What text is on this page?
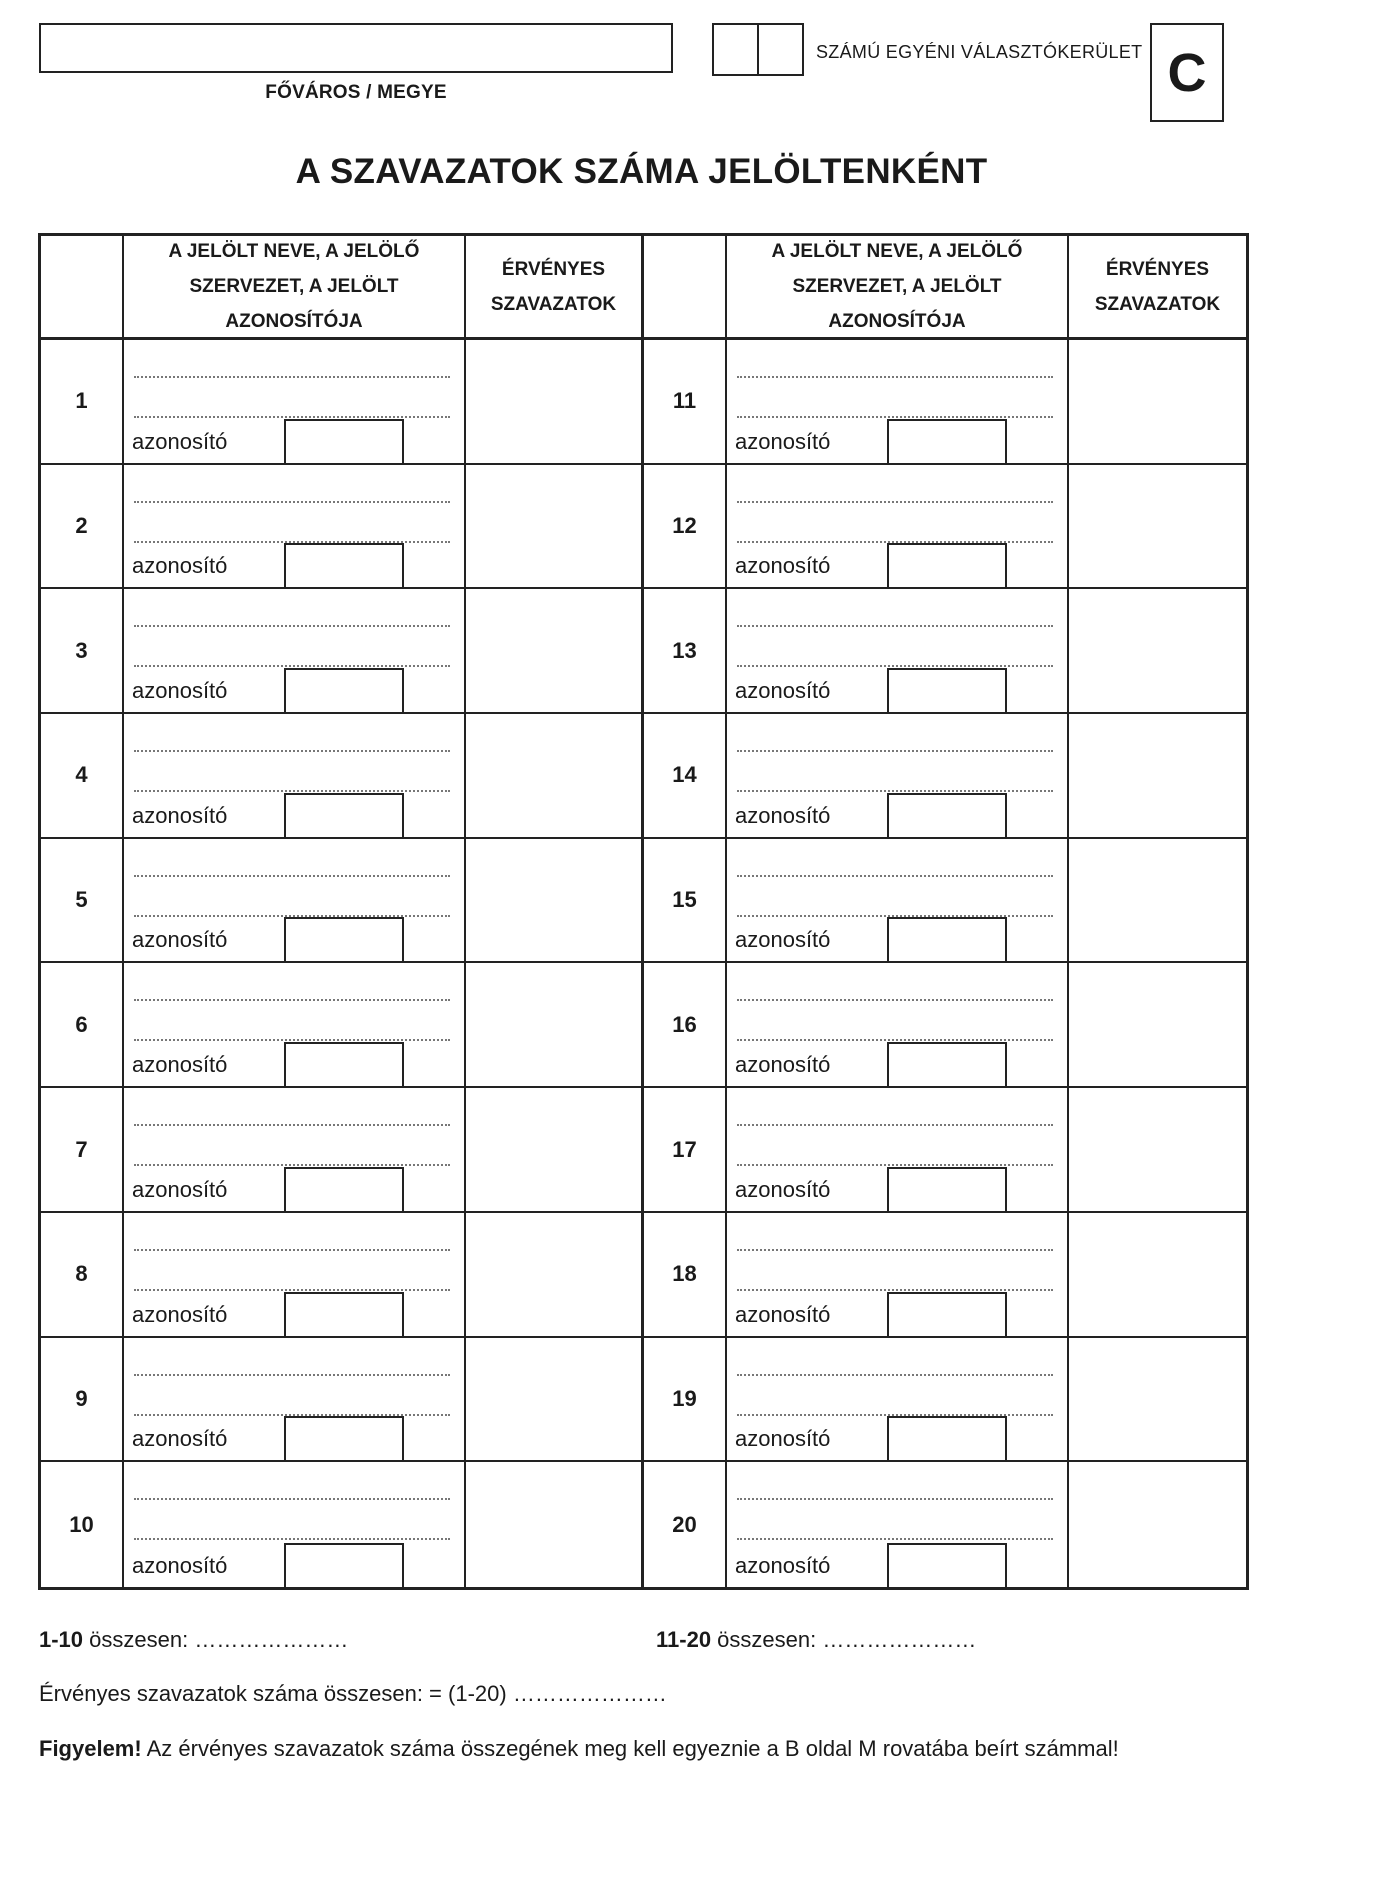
FŐVÁROS / MEGYE
SZÁMÚ EGYÉNI VÁLASZTÓKERÜLET C
A SZAVAZATOK SZÁMA JELÖLTENKÉNT
A JELÖLT NEVE, A JELÖLŐ
SZERVEZET, A JELÖLT
AZONOSÍTÓJA
ÉRVÉNYES
SZAVAZATOK
A JELÖLT NEVE, A JELÖLŐ
SZERVEZET, A JELÖLT
AZONOSÍTÓJA
ÉRVÉNYES
SZAVAZATOK
1
azonosító
11
azonosító
2
azonosító
12
azonosító
3
azonosító
13
azonosító
4
azonosító
14
azonosító
5
azonosító
15
azonosító
6
azonosító
16
azonosító
7
azonosító
17
azonosító
8
azonosító
18
azonosító
9
azonosító
19
azonosító
10
azonosító
20
azonosító
1-10 összesen: …………………	11-20 összesen: …………………
Érvényes szavazatok száma összesen: = (1-20) …………………
Figyelem! Az érvényes szavazatok száma összegének meg kell egyeznie a B oldal M rovatába beírt számmal!
